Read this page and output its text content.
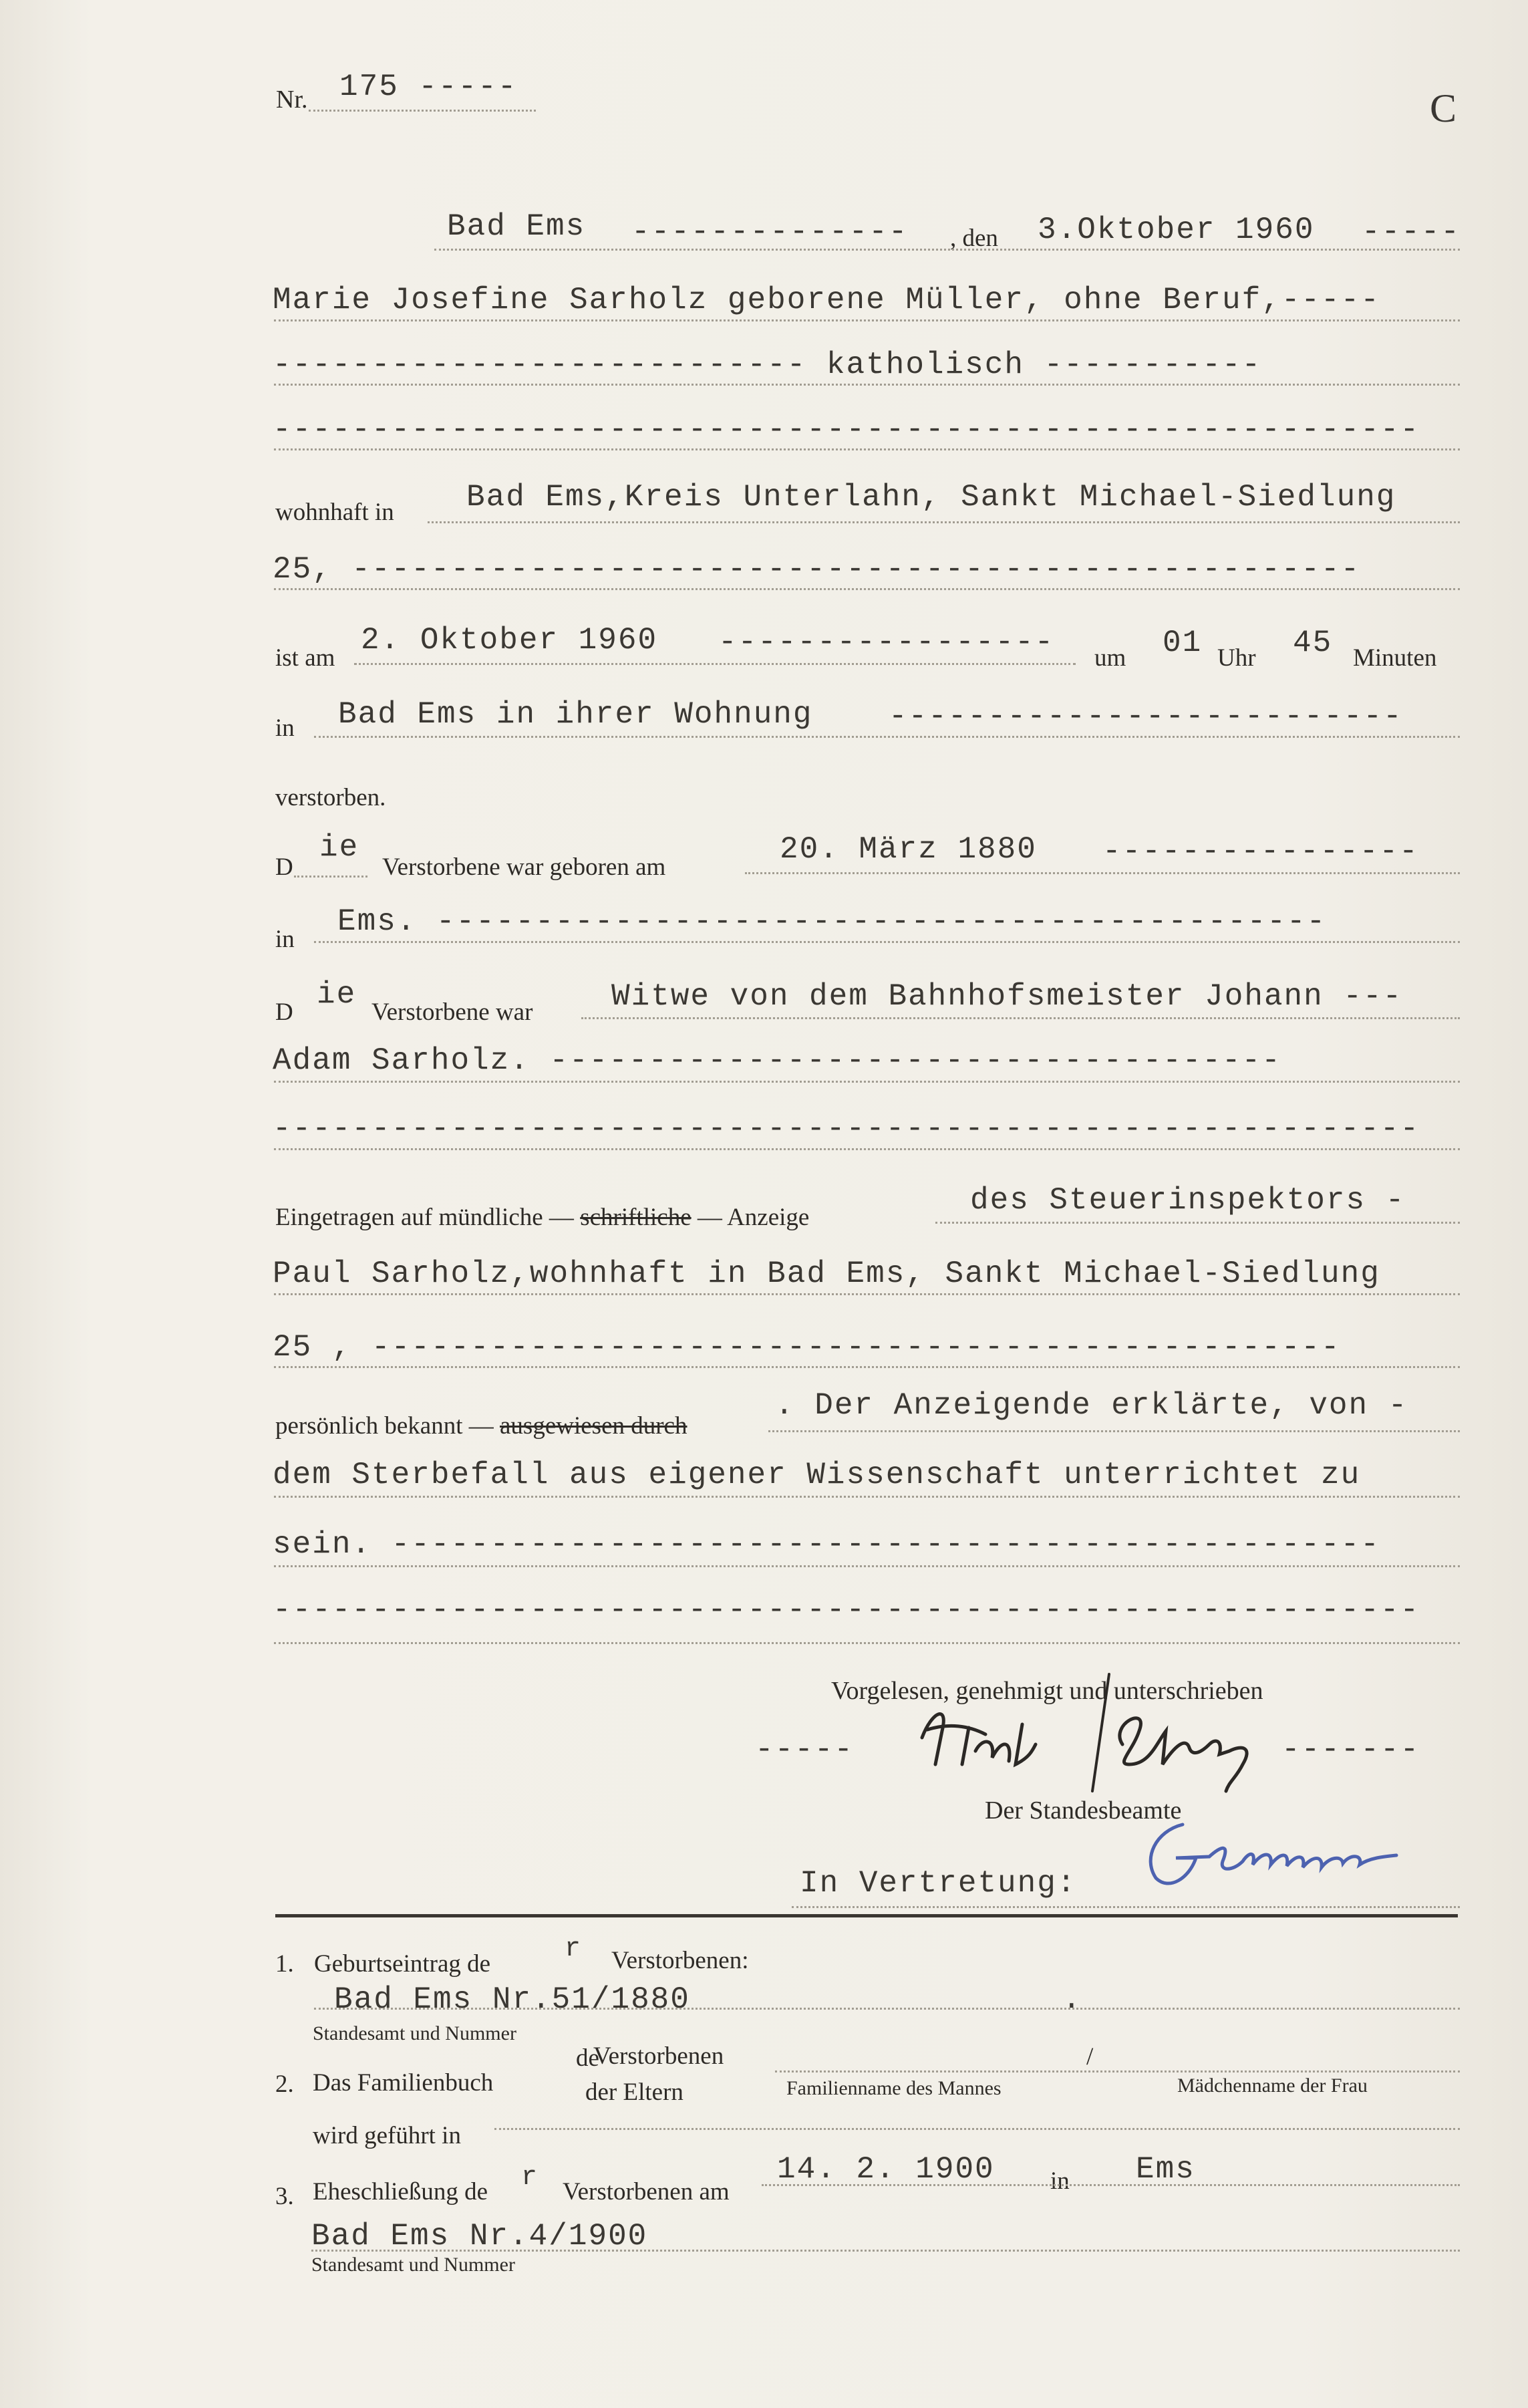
Nr. 175 -----	C
Bad Ems -------------- , den 3.Oktober 1960 -----
Marie Josefine Sarholz geborene Müller, ohne Beruf,-----
--------------------------- katholisch -----------
----------------------------------------------------------
wohnhaft in Bad Ems,Kreis Unterlahn, Sankt Michael-Siedlung
25, ---------------------------------------------------
ist am
2. Oktober 1960 ----------------- um 01 Uhr 45 Minuten
in Bad Ems in ihrer Wohnung --------------------------
verstorben.
D
ie
Verstorbene war geboren am
20. März 1880 ----------------
in
Ems. ---------------------------------------------
D
ie
Verstorbene war	Witwe von dem Bahnhofsmeister Johann ---
Adam Sarholz. -------------------------------------
----------------------------------------------------------
Eingetragen auf mündliche — schriftliche — Anzeige	des Steuerinspektors -
Paul Sarholz,wohnhaft in Bad Ems, Sankt Michael-Siedlung
25 , -------------------------------------------------
persönlich bekannt — ausgewiesen durch
. Der Anzeigende erklärte, von -
dem Sterbefall aus eigener Wissenschaft unterrichtet zu
sein. --------------------------------------------------
----------------------------------------------------------
Vorgelesen, genehmigt und unterschrieben
-----	-------
Der Standesbeamte
In Vertretung:
1. Geburtseintrag de	r Verstorbenen:
Bad Ems Nr.51/1880	.
Standesamt und Nummer
2. Das Familienbuch
de
Verstorbenen
der Eltern
/
Familienname des Mannes	Mädchenname der Frau
wird geführt in
3. Eheschließung de r Verstorbenen am
14. 2. 1900 in Ems
Bad Ems Nr.4/1900
Standesamt und Nummer
